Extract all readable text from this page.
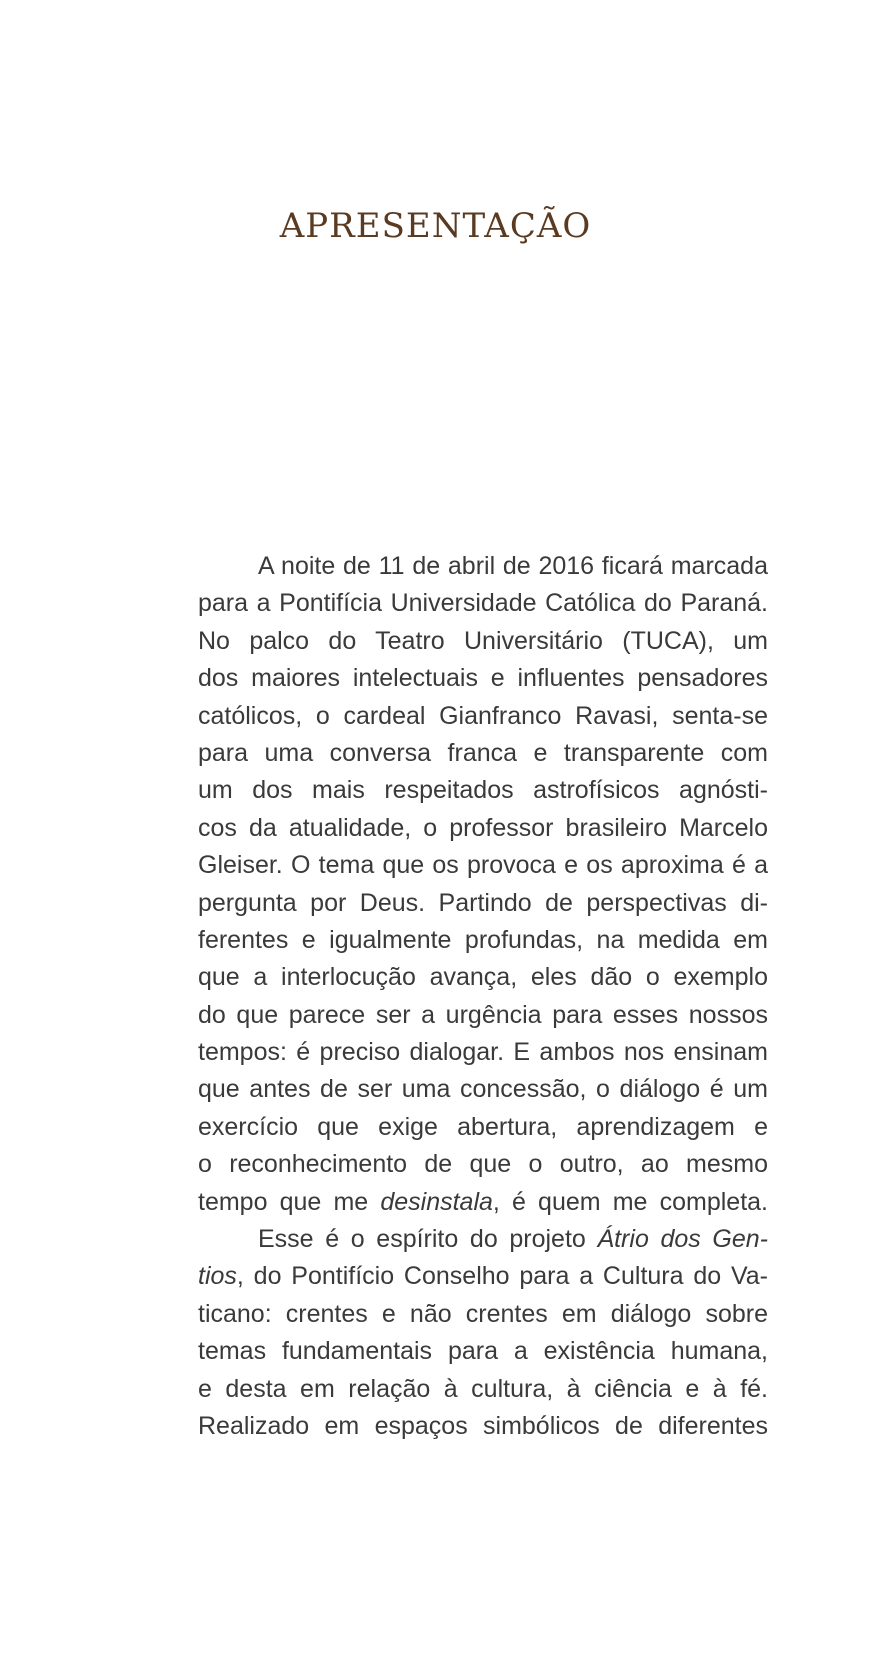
APRESENTAÇÃO
A noite de 11 de abril de 2016 ficará marcada
para a Pontifícia Universidade Católica do Paraná.
No palco do Teatro Universitário (TUCA), um
dos maiores intelectuais e influentes pensadores
católicos, o cardeal Gianfranco Ravasi, senta-se
para uma conversa franca e transparente com
um dos mais respeitados astrofísicos agnósti-
cos da atualidade, o professor brasileiro Marcelo
Gleiser. O tema que os provoca e os aproxima é a
pergunta por Deus. Partindo de perspectivas di-
ferentes e igualmente profundas, na medida em
que a interlocução avança, eles dão o exemplo
do que parece ser a urgência para esses nossos
tempos: é preciso dialogar. E ambos nos ensinam
que antes de ser uma concessão, o diálogo é um
exercício que exige abertura, aprendizagem e
o reconhecimento de que o outro, ao mesmo
tempo que me desinstala, é quem me completa.
Esse é o espírito do projeto Átrio dos Gen-
tios, do Pontifício Conselho para a Cultura do Va-
ticano: crentes e não crentes em diálogo sobre
temas fundamentais para a existência humana,
e desta em relação à cultura, à ciência e à fé.
Realizado em espaços simbólicos de diferentes
